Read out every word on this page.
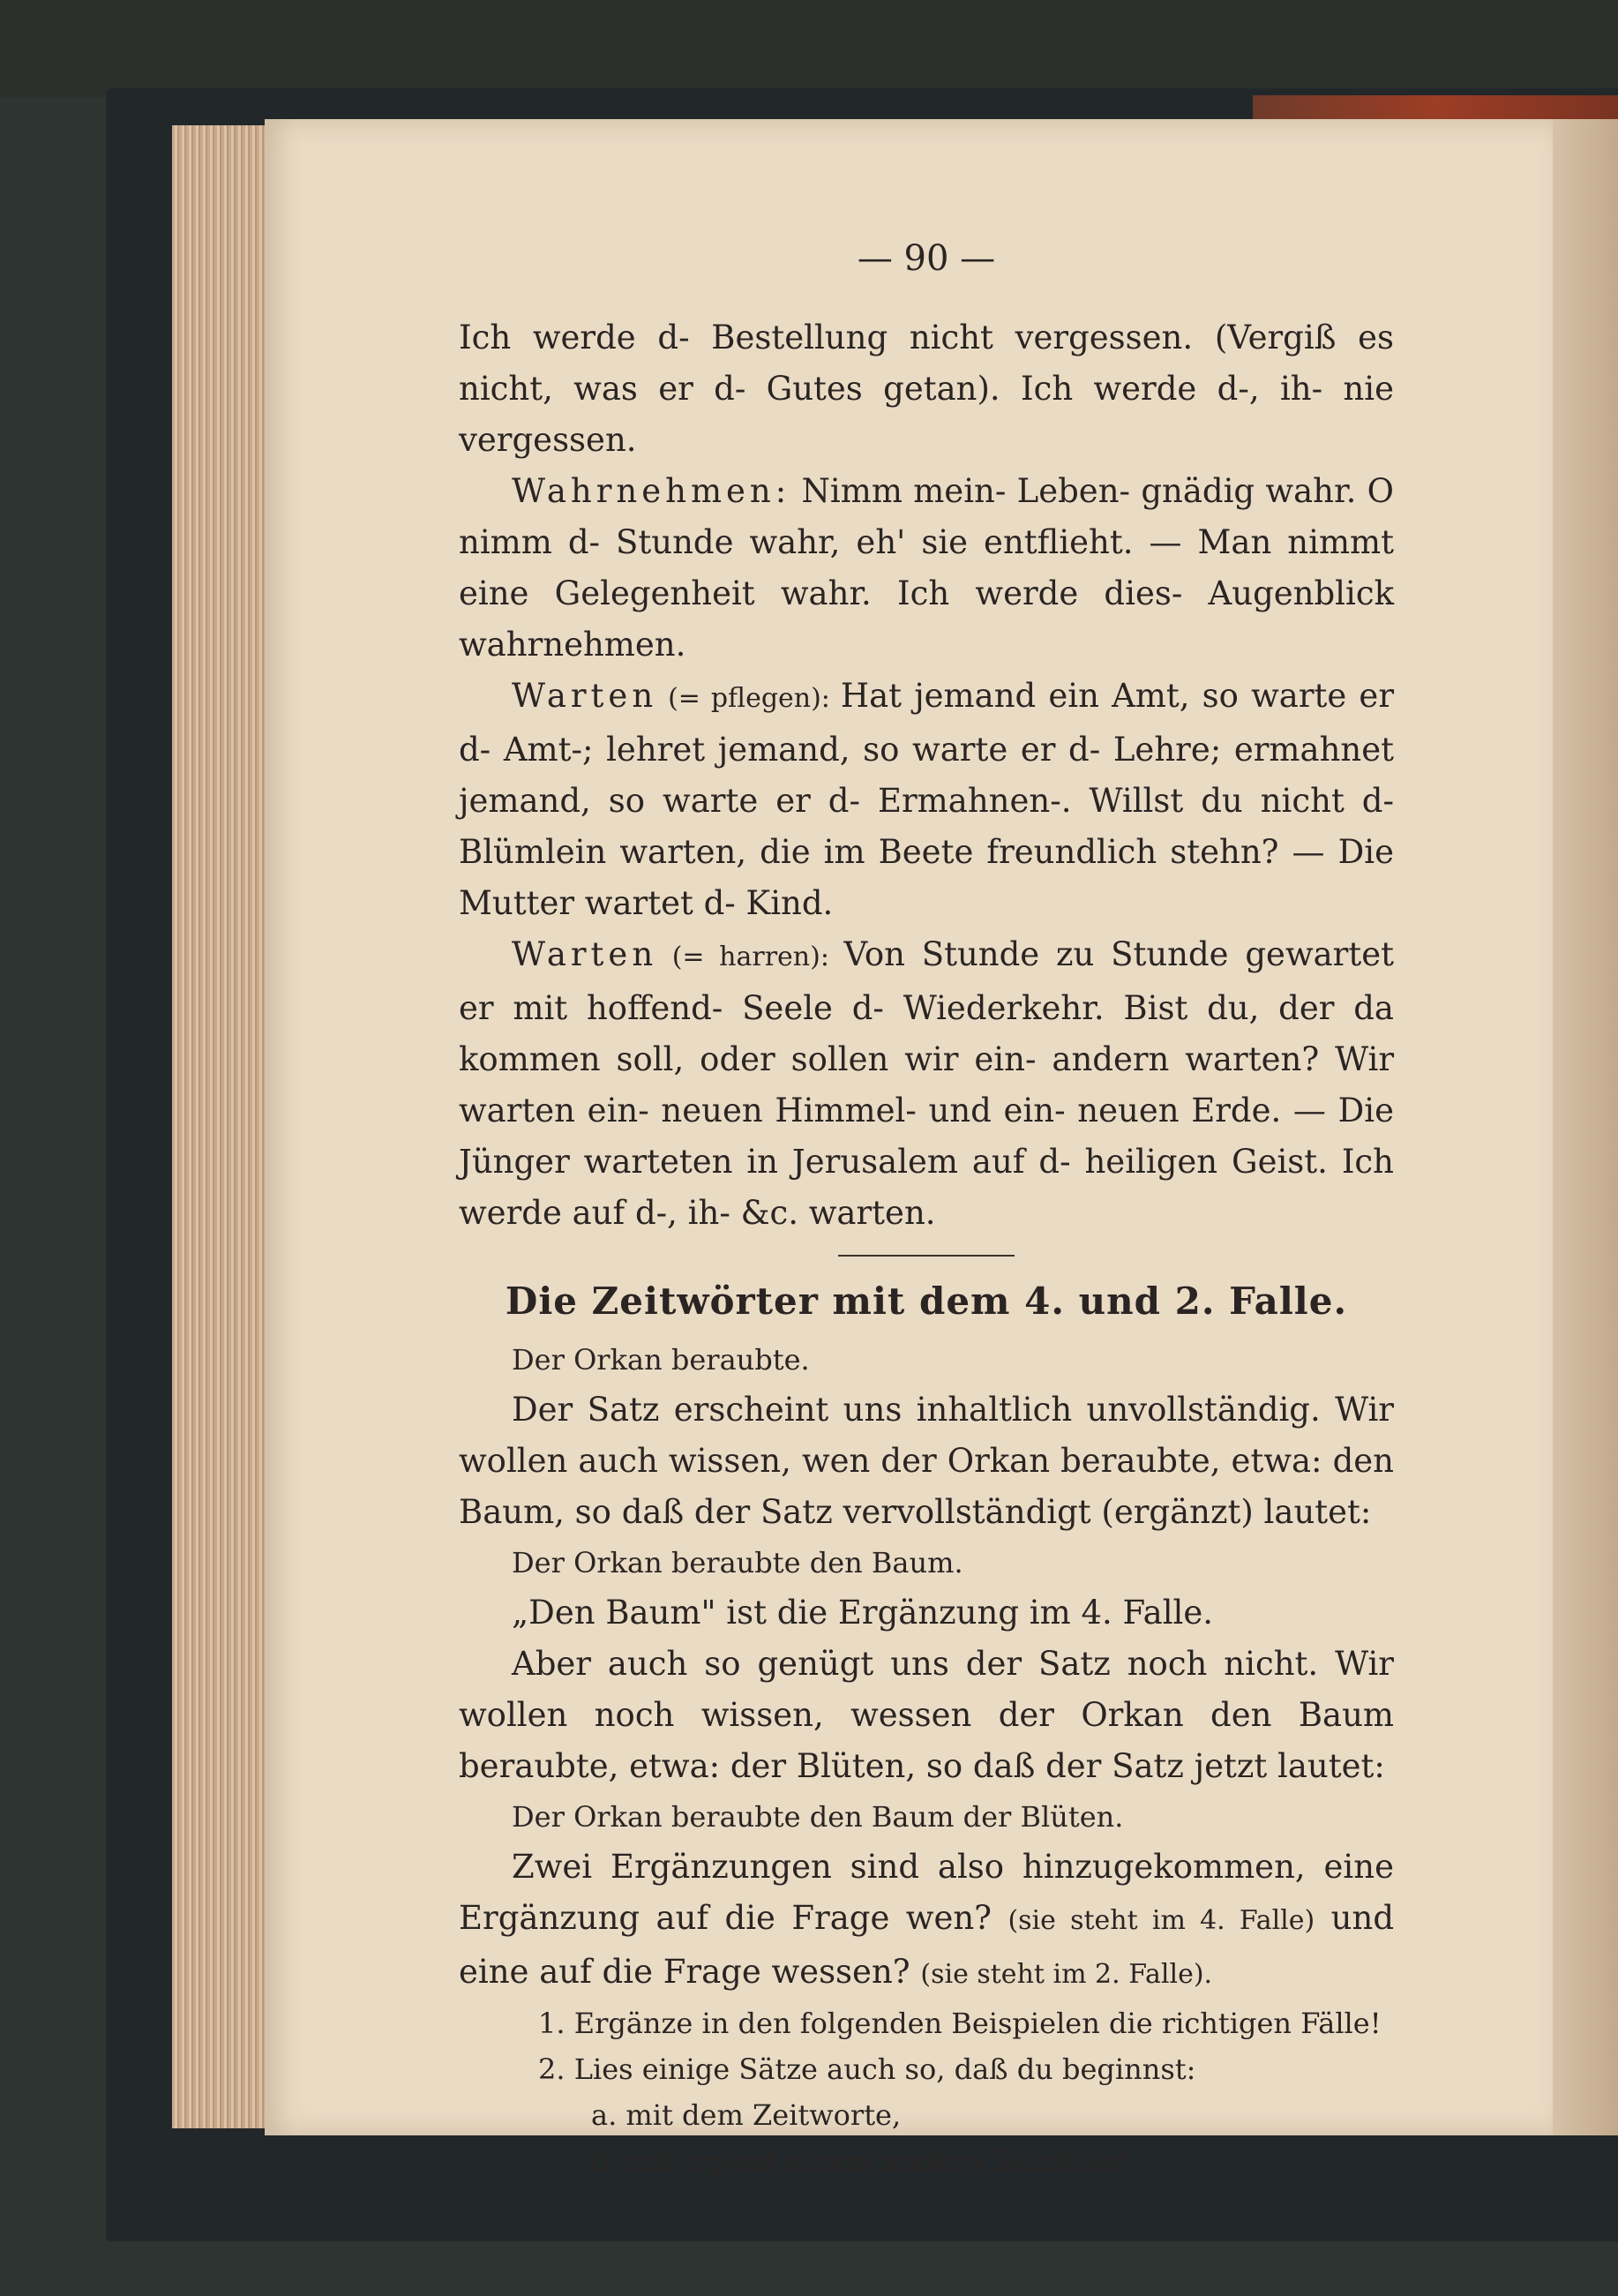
— 90 —

Ich werde d- Bestellung nicht vergessen. (Vergiß es nicht, was er d- Gutes getan). Ich werde d-, ih- nie vergessen.

Wahrnehmen: Nimm mein- Leben- gnädig wahr. O nimm d- Stunde wahr, eh' sie entflieht. — Man nimmt eine Gelegenheit wahr. Ich werde dies- Augenblick wahrnehmen.

Warten (= pflegen): Hat jemand ein Amt, so warte er d- Amt-; lehret jemand, so warte er d- Lehre; ermahnet jemand, so warte er d- Ermahnen-. Willst du nicht d- Blümlein warten, die im Beete freundlich stehn? — Die Mutter wartet d- Kind.

Warten (= harren): Von Stunde zu Stunde gewartet er mit hoffend- Seele d- Wiederkehr. Bist du, der da kommen soll, oder sollen wir ein- andern warten? Wir warten ein- neuen Himmel- und ein- neuen Erde. — Die Jünger warteten in Jerusalem auf d- heiligen Geist. Ich werde auf d-, ih- &c. warten.

Die Zeitwörter mit dem 4. und 2. Falle.
Der Orkan beraubte.

Der Satz erscheint uns inhaltlich unvollständig. Wir wollen auch wissen, wen der Orkan beraubte, etwa: den Baum, so daß der Satz vervollständigt (ergänzt) lautet:

Der Orkan beraubte den Baum.

„Den Baum" ist die Ergänzung im 4. Falle.

Aber auch so genügt uns der Satz noch nicht. Wir wollen noch wissen, wessen der Orkan den Baum beraubte, etwa: der Blüten, so daß der Satz jetzt lautet:

Der Orkan beraubte den Baum der Blüten.

Zwei Ergänzungen sind also hinzugekommen, eine Ergänzung auf die Frage wen? (sie steht im 4. Falle) und eine auf die Frage wessen? (sie steht im 2. Falle).

1. Ergänze in den folgenden Beispielen die richtigen Fälle!
2. Lies einige Sätze auch so, daß du beginnst:
a. mit dem Zeitworte,
b. mit irgend einem andern Satzteile!
